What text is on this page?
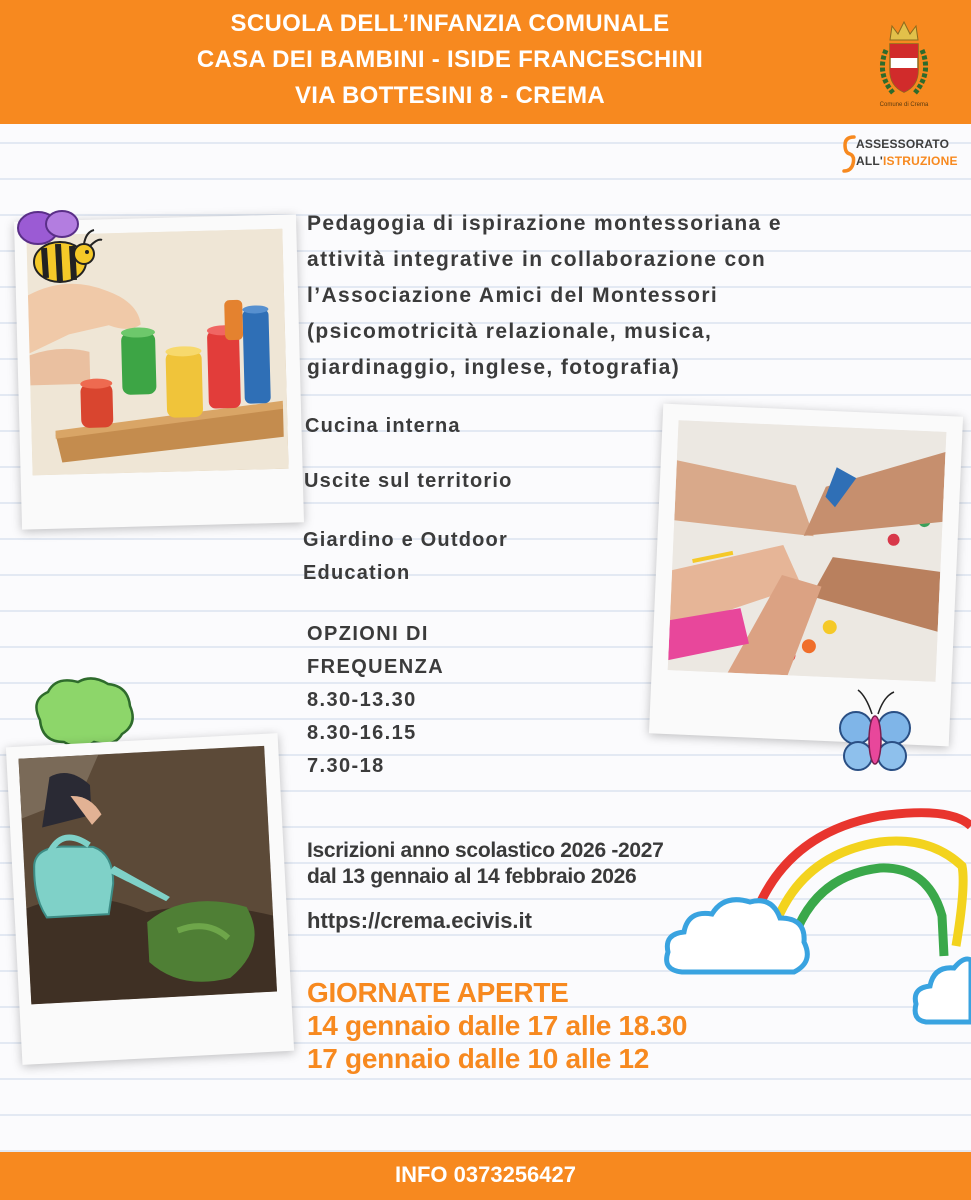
SCUOLA DELL’INFANZIA COMUNALE
CASA DEI BAMBINI - ISIDE FRANCESCHINI
VIA BOTTESINI 8 - CREMA	Comune di Crema
ASSESSORATO
ALL'ISTRUZIONE
Pedagogia di ispirazione montessoriana e
attività integrative in collaborazione con
l’Associazione Amici del Montessori
(psicomotricità relazionale, musica,
giardinaggio, inglese, fotografia)
Cucina interna
Uscite sul territorio
Giardino e Outdoor
Education
OPZIONI DI
FREQUENZA
8.30-13.30
8.30-16.15
7.30-18
Iscrizioni anno scolastico 2026 -2027
dal 13 gennaio al 14 febbraio 2026
https://crema.ecivis.it
GIORNATE APERTE
14 gennaio dalle 17 alle 18.30
17 gennaio dalle 10 alle 12
INFO 0373256427
